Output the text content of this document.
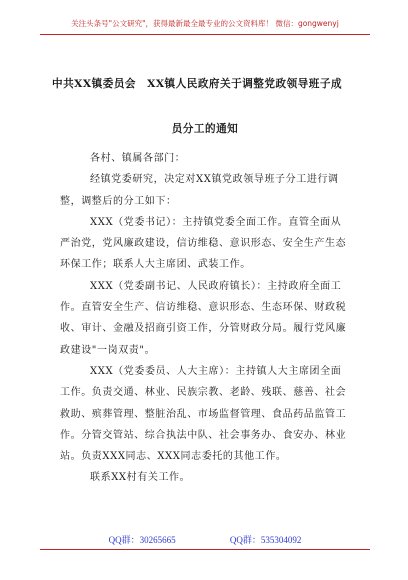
关注头条号"公文研究"，获得最新最全最专业的公文资料库！ 微信：gongwenyj
中共XX镇委员会　XX镇人民政府关于调整党政领导班子成
员分工的通知

各村、镇属各部门：

经镇党委研究，决定对XX镇党政领导班子分工进行调整，调整后的分工如下：

XXX（党委书记）：主持镇党委全面工作。直管全面从严治党，党风廉政建设，信访维稳、意识形态、安全生产生态环保工作；联系人大主席团、武装工作。

XXX（党委副书记、人民政府镇长）：主持政府全面工作。直管安全生产、信访维稳、意识形态、生态环保、财政税收、审计、金融及招商引资工作，分管财政分局。履行党风廉政建设"一岗双责"。

XXX（党委委员、人大主席）：主持镇人大主席团全面工作。负责交通、林业、民族宗教、老龄、残联、慈善、社会救助、殡葬管理、整脏治乱、市场监督管理、食品药品监管工作。分管交管站、综合执法中队、社会事务办、食安办、林业站。负责XXX同志、XXX同志委托的其他工作。

联系XX村有关工作。

QQ群：30265665	QQ群：535304092
